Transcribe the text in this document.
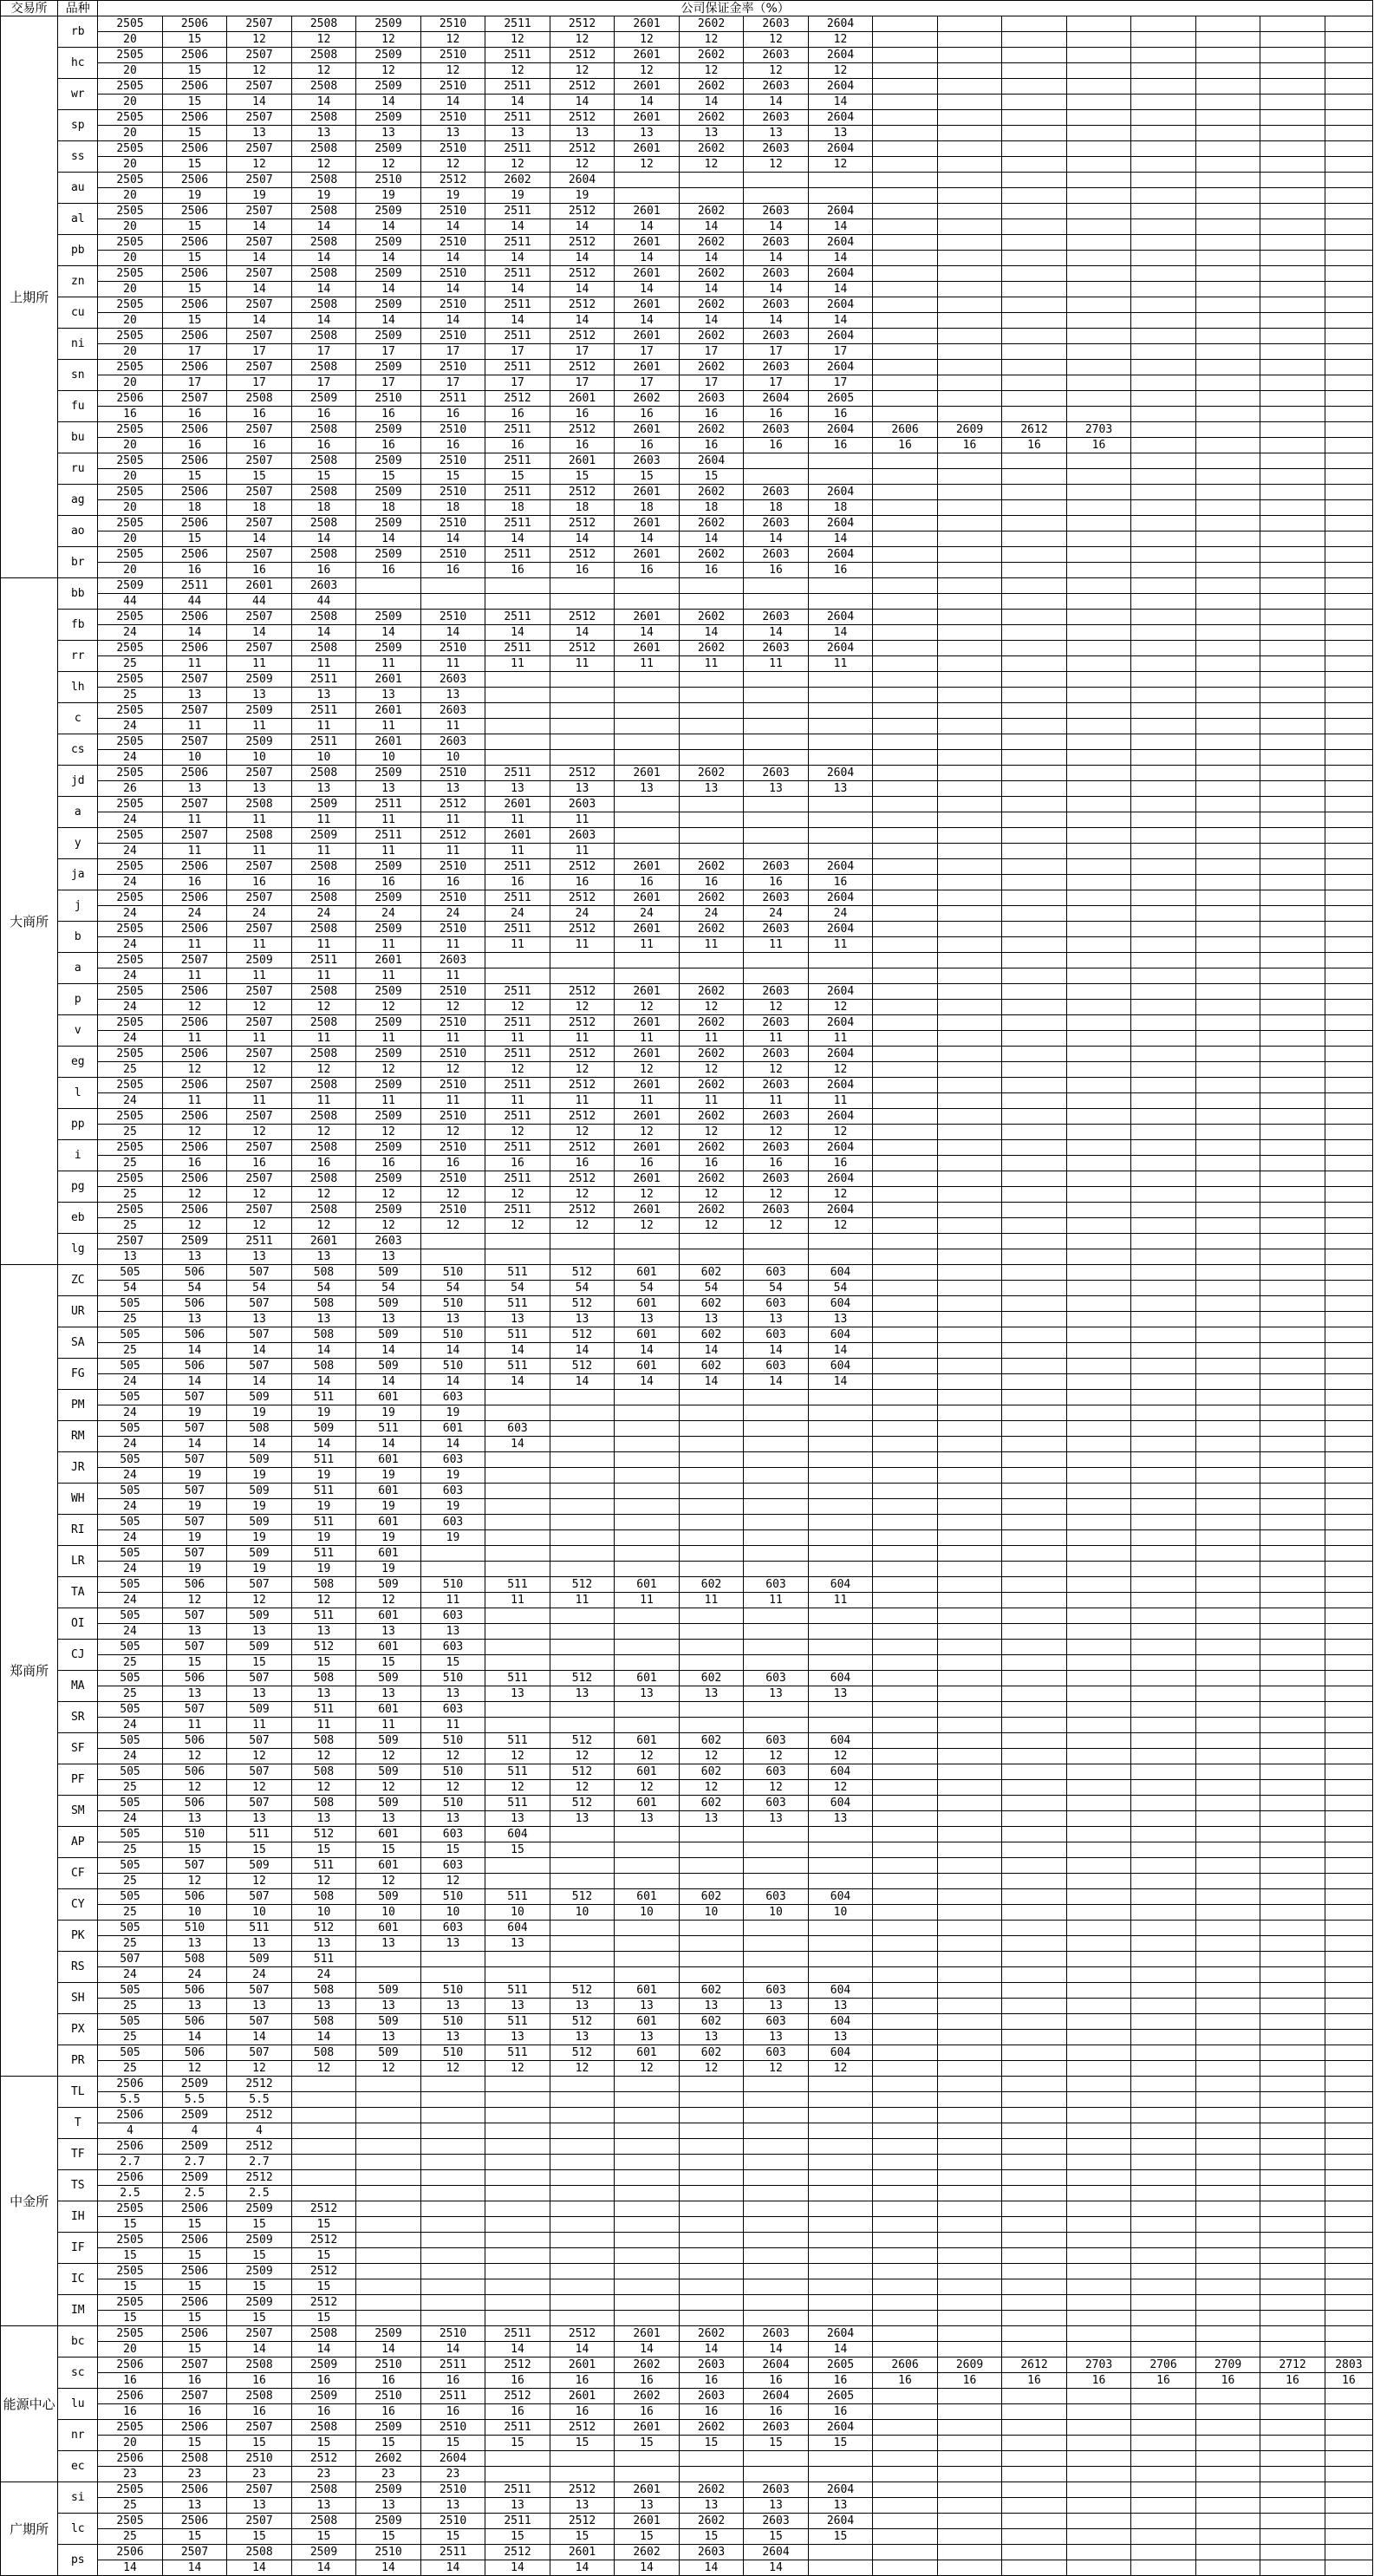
交易所	品种	公司保证金率（%）																			
上期所	rb	2505	2506	2507	2508	2509	2510	2511	2512	2601	2602	2603	2604								
		20	15	12	12	12	12	12	12	12	12	12	12								
	hc	2505	2506	2507	2508	2509	2510	2511	2512	2601	2602	2603	2604								
		20	15	12	12	12	12	12	12	12	12	12	12								
	wr	2505	2506	2507	2508	2509	2510	2511	2512	2601	2602	2603	2604								
		20	15	14	14	14	14	14	14	14	14	14	14								
	sp	2505	2506	2507	2508	2509	2510	2511	2512	2601	2602	2603	2604								
		20	15	13	13	13	13	13	13	13	13	13	13								
	ss	2505	2506	2507	2508	2509	2510	2511	2512	2601	2602	2603	2604								
		20	15	12	12	12	12	12	12	12	12	12	12								
	au	2505	2506	2507	2508	2510	2512	2602	2604												
		20	19	19	19	19	19	19	19												
	al	2505	2506	2507	2508	2509	2510	2511	2512	2601	2602	2603	2604								
		20	15	14	14	14	14	14	14	14	14	14	14								
	pb	2505	2506	2507	2508	2509	2510	2511	2512	2601	2602	2603	2604								
		20	15	14	14	14	14	14	14	14	14	14	14								
	zn	2505	2506	2507	2508	2509	2510	2511	2512	2601	2602	2603	2604								
		20	15	14	14	14	14	14	14	14	14	14	14								
	cu	2505	2506	2507	2508	2509	2510	2511	2512	2601	2602	2603	2604								
		20	15	14	14	14	14	14	14	14	14	14	14								
	ni	2505	2506	2507	2508	2509	2510	2511	2512	2601	2602	2603	2604								
		20	17	17	17	17	17	17	17	17	17	17	17								
	sn	2505	2506	2507	2508	2509	2510	2511	2512	2601	2602	2603	2604								
		20	17	17	17	17	17	17	17	17	17	17	17								
	fu	2506	2507	2508	2509	2510	2511	2512	2601	2602	2603	2604	2605								
		16	16	16	16	16	16	16	16	16	16	16	16								
	bu	2505	2506	2507	2508	2509	2510	2511	2512	2601	2602	2603	2604	2606	2609	2612	2703				
		20	16	16	16	16	16	16	16	16	16	16	16	16	16	16	16				
	ru	2505	2506	2507	2508	2509	2510	2511	2601	2603	2604										
		20	15	15	15	15	15	15	15	15	15										
	ag	2505	2506	2507	2508	2509	2510	2511	2512	2601	2602	2603	2604								
		20	18	18	18	18	18	18	18	18	18	18	18								
	ao	2505	2506	2507	2508	2509	2510	2511	2512	2601	2602	2603	2604								
		20	15	14	14	14	14	14	14	14	14	14	14								
	br	2505	2506	2507	2508	2509	2510	2511	2512	2601	2602	2603	2604								
		20	16	16	16	16	16	16	16	16	16	16	16								
大商所	bb	2509	2511	2601	2603																
		44	44	44	44																
	fb	2505	2506	2507	2508	2509	2510	2511	2512	2601	2602	2603	2604								
		24	14	14	14	14	14	14	14	14	14	14	14								
	rr	2505	2506	2507	2508	2509	2510	2511	2512	2601	2602	2603	2604								
		25	11	11	11	11	11	11	11	11	11	11	11								
	lh	2505	2507	2509	2511	2601	2603														
		25	13	13	13	13	13														
	c	2505	2507	2509	2511	2601	2603														
		24	11	11	11	11	11														
	cs	2505	2507	2509	2511	2601	2603														
		24	10	10	10	10	10														
	jd	2505	2506	2507	2508	2509	2510	2511	2512	2601	2602	2603	2604								
		26	13	13	13	13	13	13	13	13	13	13	13								
	a	2505	2507	2508	2509	2511	2512	2601	2603												
		24	11	11	11	11	11	11	11												
	y	2505	2507	2508	2509	2511	2512	2601	2603												
		24	11	11	11	11	11	11	11												
	ja	2505	2506	2507	2508	2509	2510	2511	2512	2601	2602	2603	2604								
		24	16	16	16	16	16	16	16	16	16	16	16								
	j	2505	2506	2507	2508	2509	2510	2511	2512	2601	2602	2603	2604								
		24	24	24	24	24	24	24	24	24	24	24	24								
	b	2505	2506	2507	2508	2509	2510	2511	2512	2601	2602	2603	2604								
		24	11	11	11	11	11	11	11	11	11	11	11								
	a	2505	2507	2509	2511	2601	2603														
		24	11	11	11	11	11														
	p	2505	2506	2507	2508	2509	2510	2511	2512	2601	2602	2603	2604								
		24	12	12	12	12	12	12	12	12	12	12	12								
	v	2505	2506	2507	2508	2509	2510	2511	2512	2601	2602	2603	2604								
		24	11	11	11	11	11	11	11	11	11	11	11								
	eg	2505	2506	2507	2508	2509	2510	2511	2512	2601	2602	2603	2604								
		25	12	12	12	12	12	12	12	12	12	12	12								
	l	2505	2506	2507	2508	2509	2510	2511	2512	2601	2602	2603	2604								
		24	11	11	11	11	11	11	11	11	11	11	11								
	pp	2505	2506	2507	2508	2509	2510	2511	2512	2601	2602	2603	2604								
		25	12	12	12	12	12	12	12	12	12	12	12								
	i	2505	2506	2507	2508	2509	2510	2511	2512	2601	2602	2603	2604								
		25	16	16	16	16	16	16	16	16	16	16	16								
	pg	2505	2506	2507	2508	2509	2510	2511	2512	2601	2602	2603	2604								
		25	12	12	12	12	12	12	12	12	12	12	12								
	eb	2505	2506	2507	2508	2509	2510	2511	2512	2601	2602	2603	2604								
		25	12	12	12	12	12	12	12	12	12	12	12								
	lg	2507	2509	2511	2601	2603															
		13	13	13	13	13															
郑商所	ZC	505	506	507	508	509	510	511	512	601	602	603	604								
		54	54	54	54	54	54	54	54	54	54	54	54								
	UR	505	506	507	508	509	510	511	512	601	602	603	604								
		25	13	13	13	13	13	13	13	13	13	13	13								
	SA	505	506	507	508	509	510	511	512	601	602	603	604								
		25	14	14	14	14	14	14	14	14	14	14	14								
	FG	505	506	507	508	509	510	511	512	601	602	603	604								
		24	14	14	14	14	14	14	14	14	14	14	14								
	PM	505	507	509	511	601	603														
		24	19	19	19	19	19														
	RM	505	507	508	509	511	601	603													
		24	14	14	14	14	14	14													
	JR	505	507	509	511	601	603														
		24	19	19	19	19	19														
	WH	505	507	509	511	601	603														
		24	19	19	19	19	19														
	RI	505	507	509	511	601	603														
		24	19	19	19	19	19														
	LR	505	507	509	511	601															
		24	19	19	19	19															
	TA	505	506	507	508	509	510	511	512	601	602	603	604								
		24	12	12	12	12	11	11	11	11	11	11	11								
	OI	505	507	509	511	601	603														
		24	13	13	13	13	13														
	CJ	505	507	509	512	601	603														
		25	15	15	15	15	15														
	MA	505	506	507	508	509	510	511	512	601	602	603	604								
		25	13	13	13	13	13	13	13	13	13	13	13								
	SR	505	507	509	511	601	603														
		24	11	11	11	11	11														
	SF	505	506	507	508	509	510	511	512	601	602	603	604								
		24	12	12	12	12	12	12	12	12	12	12	12								
	PF	505	506	507	508	509	510	511	512	601	602	603	604								
		25	12	12	12	12	12	12	12	12	12	12	12								
	SM	505	506	507	508	509	510	511	512	601	602	603	604								
		24	13	13	13	13	13	13	13	13	13	13	13								
	AP	505	510	511	512	601	603	604													
		25	15	15	15	15	15	15													
	CF	505	507	509	511	601	603														
		25	12	12	12	12	12														
	CY	505	506	507	508	509	510	511	512	601	602	603	604								
		25	10	10	10	10	10	10	10	10	10	10	10								
	PK	505	510	511	512	601	603	604													
		25	13	13	13	13	13	13													
	RS	507	508	509	511																
		24	24	24	24																
	SH	505	506	507	508	509	510	511	512	601	602	603	604								
		25	13	13	13	13	13	13	13	13	13	13	13								
	PX	505	506	507	508	509	510	511	512	601	602	603	604								
		25	14	14	14	13	13	13	13	13	13	13	13								
	PR	505	506	507	508	509	510	511	512	601	602	603	604								
		25	12	12	12	12	12	12	12	12	12	12	12								
中金所	TL	2506	2509	2512																	
		5.5	5.5	5.5																	
	T	2506	2509	2512																	
		4	4	4																	
	TF	2506	2509	2512																	
		2.7	2.7	2.7																	
	TS	2506	2509	2512																	
		2.5	2.5	2.5																	
	IH	2505	2506	2509	2512																
		15	15	15	15																
	IF	2505	2506	2509	2512																
		15	15	15	15																
	IC	2505	2506	2509	2512																
		15	15	15	15																
	IM	2505	2506	2509	2512																
		15	15	15	15																
能源中心	bc	2505	2506	2507	2508	2509	2510	2511	2512	2601	2602	2603	2604								
		20	15	14	14	14	14	14	14	14	14	14	14								
	sc	2506	2507	2508	2509	2510	2511	2512	2601	2602	2603	2604	2605	2606	2609	2612	2703	2706	2709	2712	2803
		16	16	16	16	16	16	16	16	16	16	16	16	16	16	16	16	16	16	16	16
	lu	2506	2507	2508	2509	2510	2511	2512	2601	2602	2603	2604	2605								
		16	16	16	16	16	16	16	16	16	16	16	16								
	nr	2505	2506	2507	2508	2509	2510	2511	2512	2601	2602	2603	2604								
		20	15	15	15	15	15	15	15	15	15	15	15								
	ec	2506	2508	2510	2512	2602	2604														
		23	23	23	23	23	23														
广期所	si	2505	2506	2507	2508	2509	2510	2511	2512	2601	2602	2603	2604								
		25	13	13	13	13	13	13	13	13	13	13	13								
	lc	2505	2506	2507	2508	2509	2510	2511	2512	2601	2602	2603	2604								
		25	15	15	15	15	15	15	15	15	15	15	15								
	ps	2506	2507	2508	2509	2510	2511	2512	2601	2602	2603	2604									
		14	14	14	14	14	14	14	14	14	14	14									
